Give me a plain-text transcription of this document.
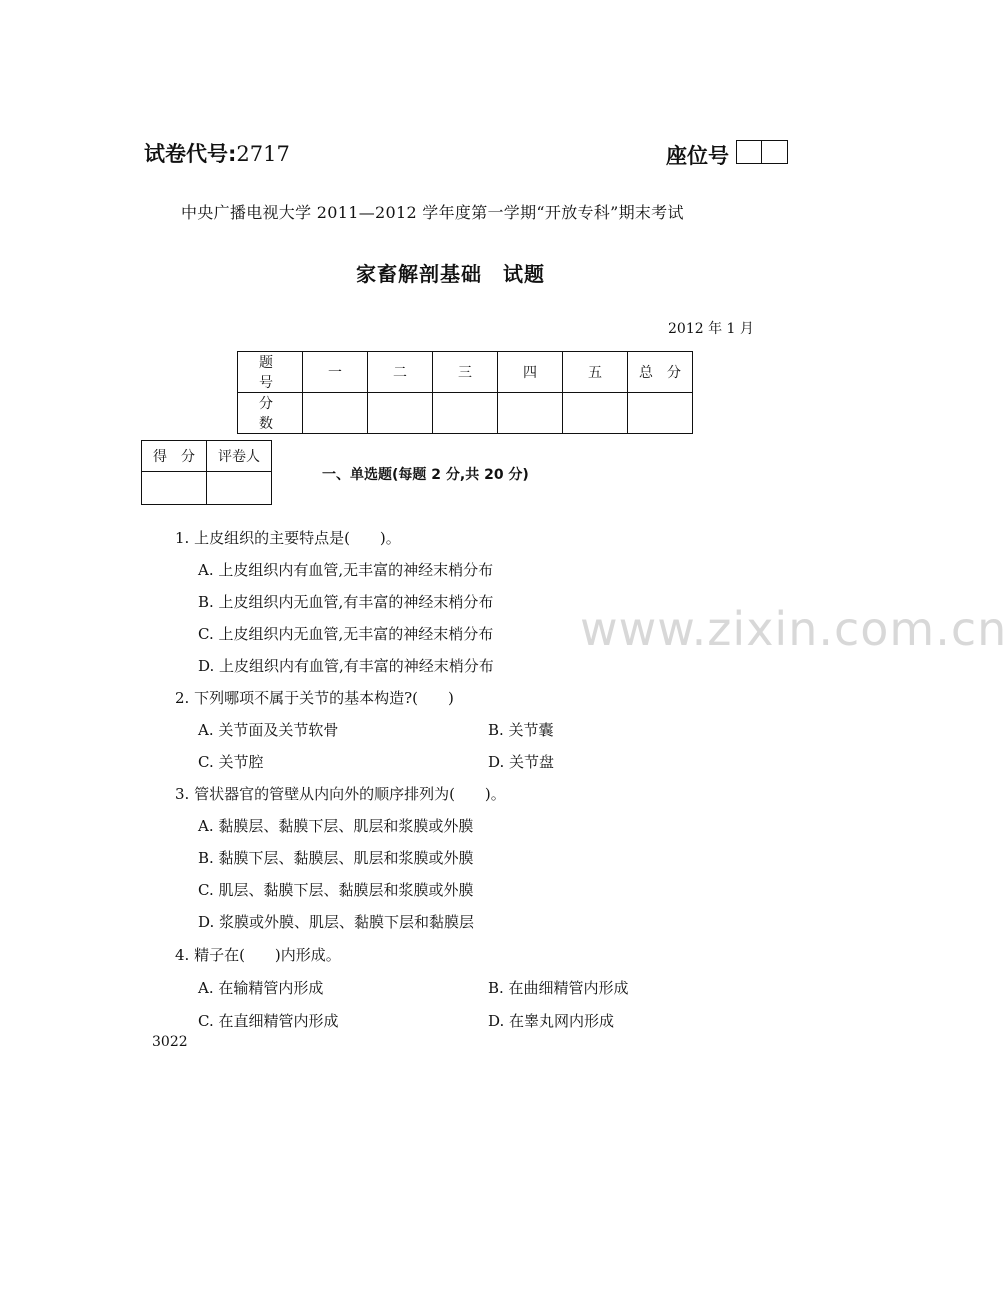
试卷代号:2717	座位号
中央广播电视大学 2011—2012 学年度第一学期“开放专科”期末考试
家畜解剖基础　试题
2012 年 1 月
题　号	一	二	三	四	五	总　分
分　数						
得　分	评卷人

一、单选题(每题 2 分,共 20 分)
1. 上皮组织的主要特点是(　　)。
A. 上皮组织内有血管,无丰富的神经末梢分布
B. 上皮组织内无血管,有丰富的神经末梢分布
C. 上皮组织内无血管,无丰富的神经末梢分布
D. 上皮组织内有血管,有丰富的神经末梢分布
2. 下列哪项不属于关节的基本构造?(　　)
A. 关节面及关节软骨	B. 关节囊
C. 关节腔	D. 关节盘
3. 管状器官的管壁从内向外的顺序排列为(　　)。
A. 黏膜层、黏膜下层、肌层和浆膜或外膜
B. 黏膜下层、黏膜层、肌层和浆膜或外膜
C. 肌层、黏膜下层、黏膜层和浆膜或外膜
D. 浆膜或外膜、肌层、黏膜下层和黏膜层
4. 精子在(　　)内形成。
A. 在输精管内形成	B. 在曲细精管内形成
C. 在直细精管内形成	D. 在睾丸网内形成
3022
www.zixin.com.cn
